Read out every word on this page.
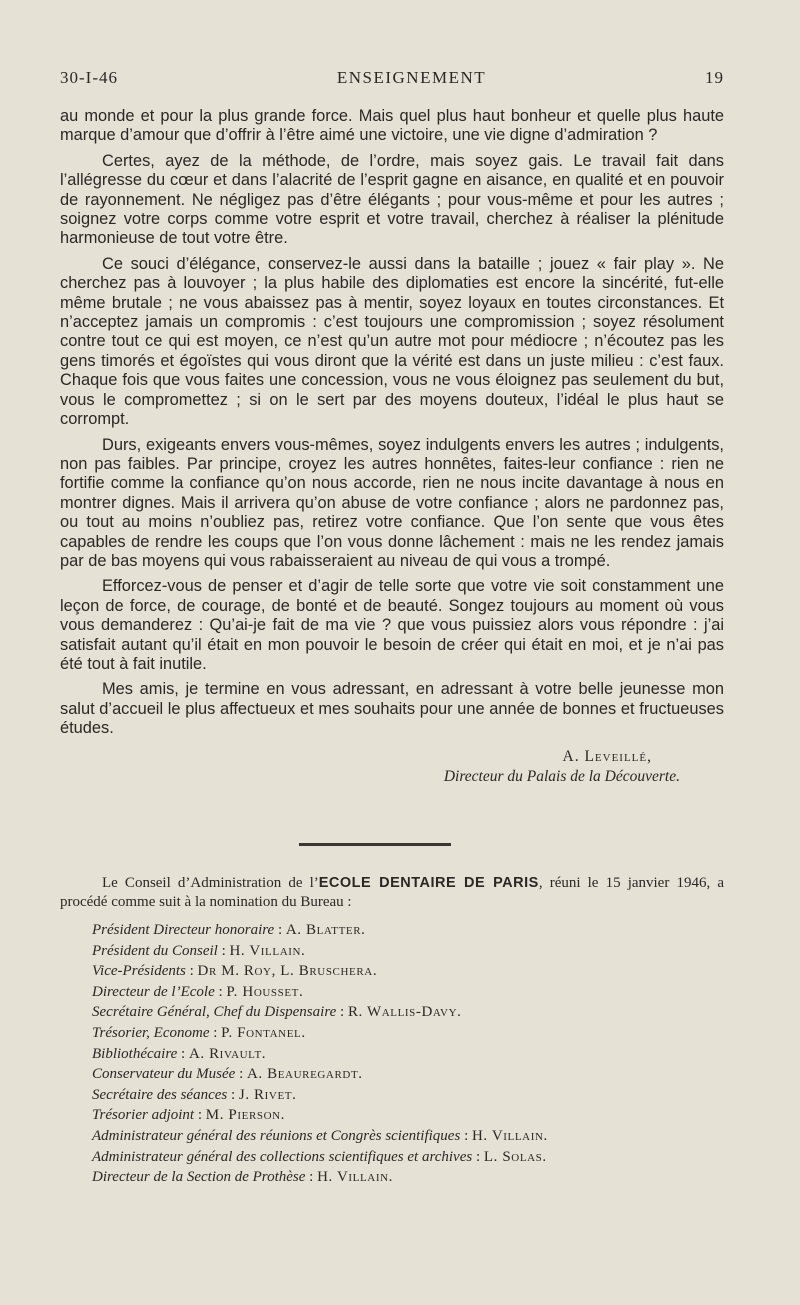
30-I-46	ENSEIGNEMENT	19

au monde et pour la plus grande force. Mais quel plus haut bonheur et quelle plus haute marque d’amour que d’offrir à l’être aimé une victoire, une vie digne d’admiration ?

Certes, ayez de la méthode, de l’ordre, mais soyez gais. Le travail fait dans l’allégresse du cœur et dans l’alacrité de l’esprit gagne en aisance, en qualité et en pouvoir de rayonnement. Ne négligez pas d’être élégants ; pour vous-même et pour les autres ; soignez votre corps comme votre esprit et votre travail, cherchez à réaliser la plénitude harmonieuse de tout votre être.

Ce souci d’élégance, conservez-le aussi dans la bataille ; jouez « fair play ». Ne cherchez pas à louvoyer ; la plus habile des diplomaties est encore la sincérité, fut-elle même brutale ; ne vous abaissez pas à mentir, soyez loyaux en toutes circonstances. Et n’acceptez jamais un compromis : c’est toujours une compromission ; soyez résolument contre tout ce qui est moyen, ce n’est qu’un autre mot pour médiocre ; n’écoutez pas les gens timorés et égoïstes qui vous diront que la vérité est dans un juste milieu : c’est faux. Chaque fois que vous faites une concession, vous ne vous éloignez pas seulement du but, vous le compromettez ; si on le sert par des moyens douteux, l’idéal le plus haut se corrompt.

Durs, exigeants envers vous-mêmes, soyez indulgents envers les autres ; indulgents, non pas faibles. Par principe, croyez les autres honnêtes, faites-leur confiance : rien ne fortifie comme la confiance qu’on nous accorde, rien ne nous incite davantage à nous en montrer dignes. Mais il arrivera qu’on abuse de votre confiance ; alors ne pardonnez pas, ou tout au moins n’oubliez pas, retirez votre confiance. Que l’on sente que vous êtes capables de rendre les coups que l’on vous donne lâchement : mais ne les rendez jamais par de bas moyens qui vous rabaisseraient au niveau de qui vous a trompé.

Efforcez-vous de penser et d’agir de telle sorte que votre vie soit constamment une leçon de force, de courage, de bonté et de beauté. Songez toujours au moment où vous vous demanderez : Qu’ai-je fait de ma vie ? que vous puissiez alors vous répondre : j’ai satisfait autant qu’il était en mon pouvoir le besoin de créer qui était en moi, et je n’ai pas été tout à fait inutile.

Mes amis, je termine en vous adressant, en adressant à votre belle jeunesse mon salut d’accueil le plus affectueux et mes souhaits pour une année de bonnes et fructueuses études.

A. Leveillé,
Directeur du Palais de la Découverte.

Le Conseil d’Administration de l’ECOLE DENTAIRE DE PARIS, réuni le 15 janvier 1946, a procédé comme suit à la nomination du Bureau :

Président Directeur honoraire : A. Blatter.
Président du Conseil : H. Villain.
Vice-Présidents : Dr M. Roy, L. Bruschera.
Directeur de l’Ecole : P. Housset.
Secrétaire Général, Chef du Dispensaire : R. Wallis-Davy.
Trésorier, Econome : P. Fontanel.
Bibliothécaire : A. Rivault.
Conservateur du Musée : A. Beauregardt.
Secrétaire des séances : J. Rivet.
Trésorier adjoint : M. Pierson.
Administrateur général des réunions et Congrès scientifiques : H. Villain.
Administrateur général des collections scientifiques et archives : L. Solas.
Directeur de la Section de Prothèse : H. Villain.
